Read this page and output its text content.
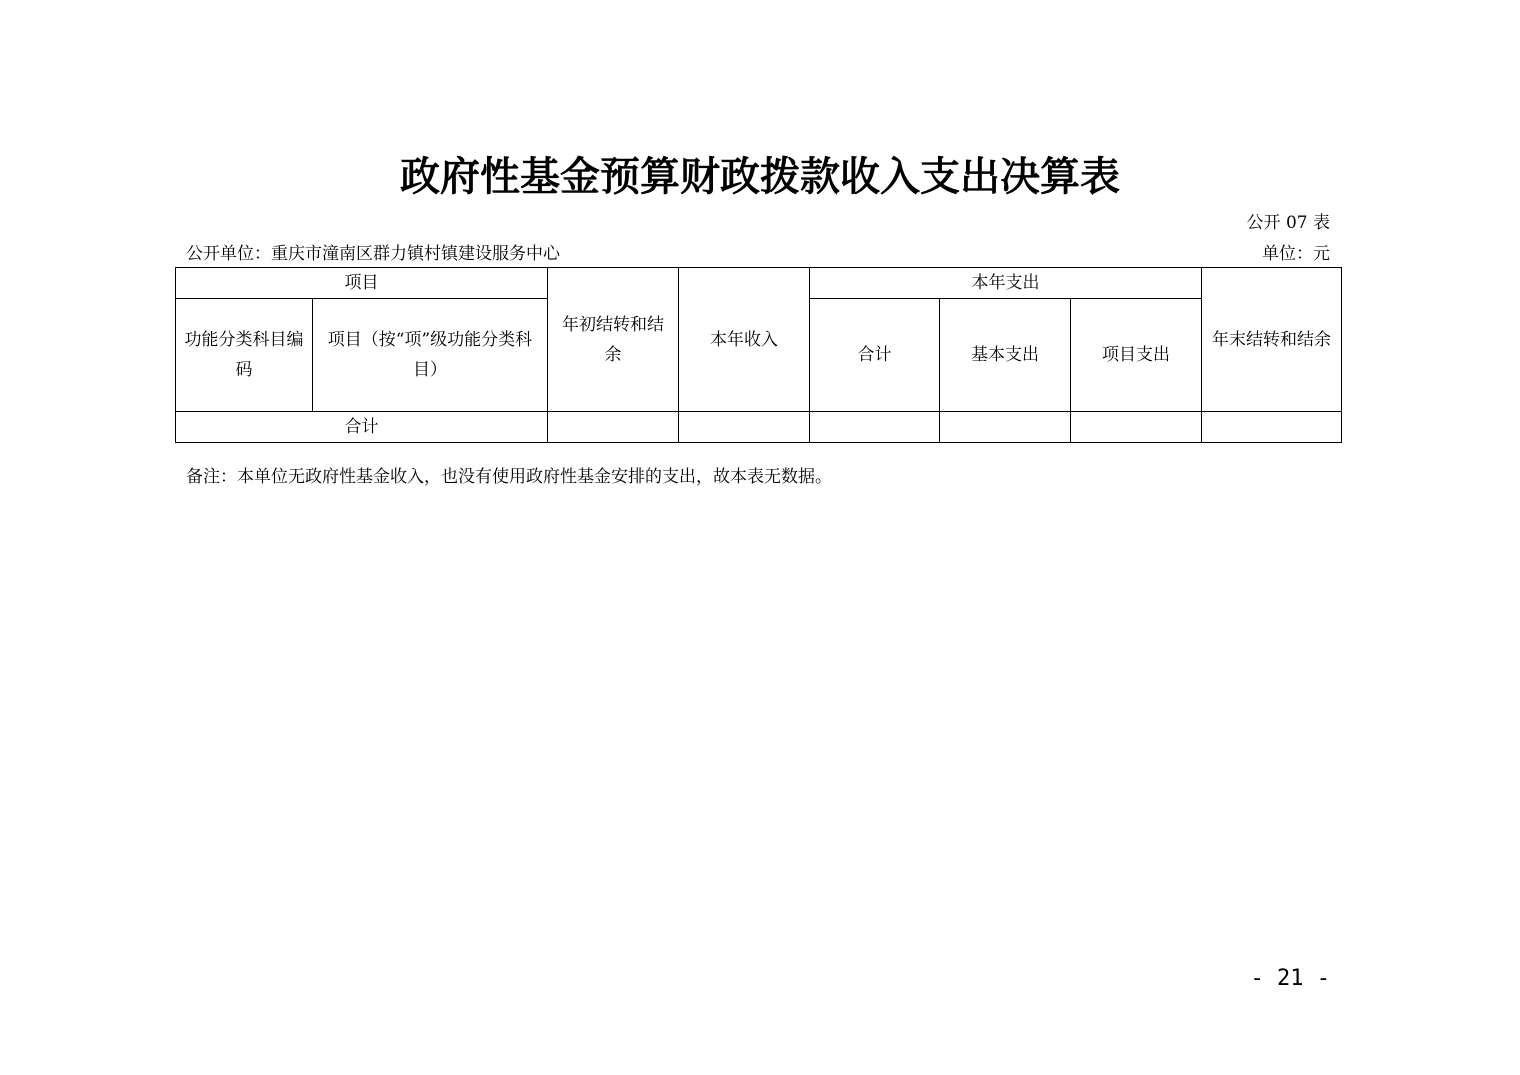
政府性基金预算财政拨款收入支出决算表
公开 07 表
公开单位：重庆市潼南区群力镇村镇建设服务中心	单位：元
项目		年初结转和结余	本年收入	本年支出			年末结转和结余
功能分类科目编码	项目（按“项”级功能分类科目）			合计	基本支出	项目支出	
合计							
备注：本单位无政府性基金收入，也没有使用政府性基金安排的支出，故本表无数据。
- 21 -
